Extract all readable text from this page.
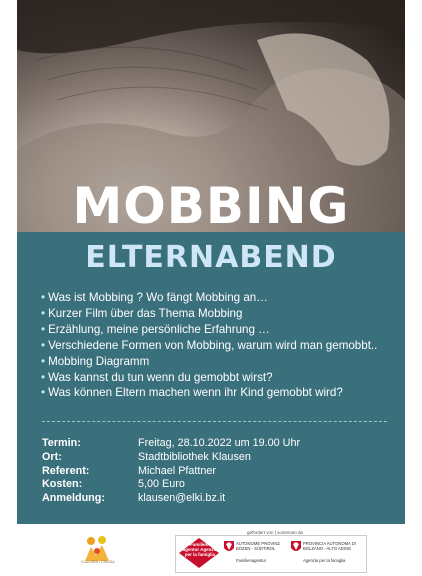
MOBBING
ELTERNABEND
• Was ist Mobbing ? Wo fängt Mobbing an…
• Kurzer Film über das Thema Mobbing
• Erzählung, meine persönliche Erfahrung …
• Verschiedene Formen von Mobbing, warum wird man gemobbt..
• Mobbing Diagramm
• Was kannst du tun wenn du gemobbt wirst?
• Was können Eltern machen wenn ihr Kind gemobbt wird?
Termin:	Freitag, 28.10.2022 um 19.00 Uhr
Ort:	Stadtbibliothek Klausen
Referent:	Michael Pfattner
Kosten:	5,00 Euro
Anmeldung:	klausen@elki.bz.it
KLAUSEN / CHIUSA
gefördert von | sostenuto da
Familien-agentur Agenzia per la famiglia
AUTONOME PROVINZ BOZEN - SÜDTIROL
Familienagentur
PROVINCIA AUTONOMA DI BOLZANO - ALTO ADIGE
Agenzia per la famiglia
